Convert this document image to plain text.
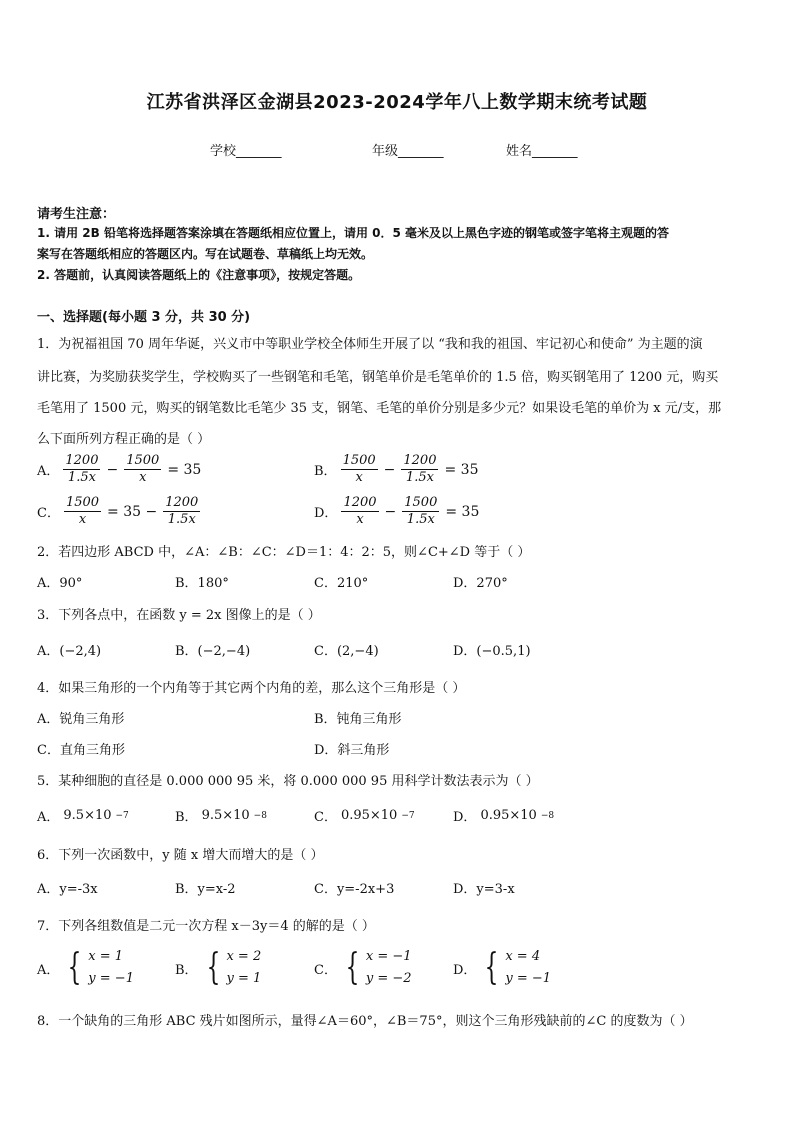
江苏省洪泽区金湖县2023-2024学年八上数学期末统考试题
学校_______	年级_______	姓名_______
请考生注意：
1. 请用 2B 铅笔将选择题答案涂填在答题纸相应位置上，请用 0．5 毫米及以上黑色字迹的钢笔或签字笔将主观题的答
案写在答题纸相应的答题区内。写在试题卷、草稿纸上均无效。
2. 答题前，认真阅读答题纸上的《注意事项》，按规定答题。
一、选择题(每小题 3 分，共 30 分)
1．为祝福祖国 70 周年华诞，兴义市中等职业学校全体师生开展了以 “我和我的祖国、牢记初心和使命” 为主题的演
讲比赛，为奖励获奖学生，学校购买了一些钢笔和毛笔，钢笔单价是毛笔单价的 1.5 倍，购买钢笔用了 1200 元，购买
毛笔用了 1500 元，购买的钢笔数比毛笔少 35 支，钢笔、毛笔的单价分别是多少元？如果设毛笔的单价为 x 元/支，那
么下面所列方程正确的是（ ）
A． $\frac{1200}{1.5x} - \frac{1500}{x} = 35$	B． $\frac{1500}{x} - \frac{1200}{1.5x} = 35$
C． $\frac{1500}{x} = 35 - \frac{1200}{1.5x}$	D． $\frac{1200}{x} - \frac{1500}{1.5x} = 35$
2．若四边形 ABCD 中，∠A：∠B：∠C：∠D＝1：4：2：5，则∠C+∠D 等于（ ）
A．90°	B．180°	C．210°	D．270°
3．下列各点中，在函数 y = 2x 图像上的是（ ）
A．(−2,4)	B．(−2,−4)	C．(2,−4)	D．(−0.5,1)
4．如果三角形的一个内角等于其它两个内角的差，那么这个三角形是（ ）
A．锐角三角形	B．钝角三角形
C．直角三角形	D．斜三角形
5．某种细胞的直径是 0.000 000 95 米，将 0.000 000 95 用科学计数法表示为（ ）
A． 9.5×10 −7	B． 9.5×10 −8	C． 0.95×10 −7	D． 0.95×10 −8
6．下列一次函数中，y 随 x 增大而增大的是（ ）
A．y=-3x	B．y=x-2	C．y=-2x+3	D．y=3-x
7．下列各组数值是二元一次方程 x－3y＝4 的解的是（ ）
A． { x = 1
y = −1
B． { x = 2
y = 1
C． { x = −1
y = −2
D． { x = 4
y = −1
8．一个缺角的三角形 ABC 残片如图所示，量得∠A＝60°，∠B＝75°，则这个三角形残缺前的∠C 的度数为（ ）
